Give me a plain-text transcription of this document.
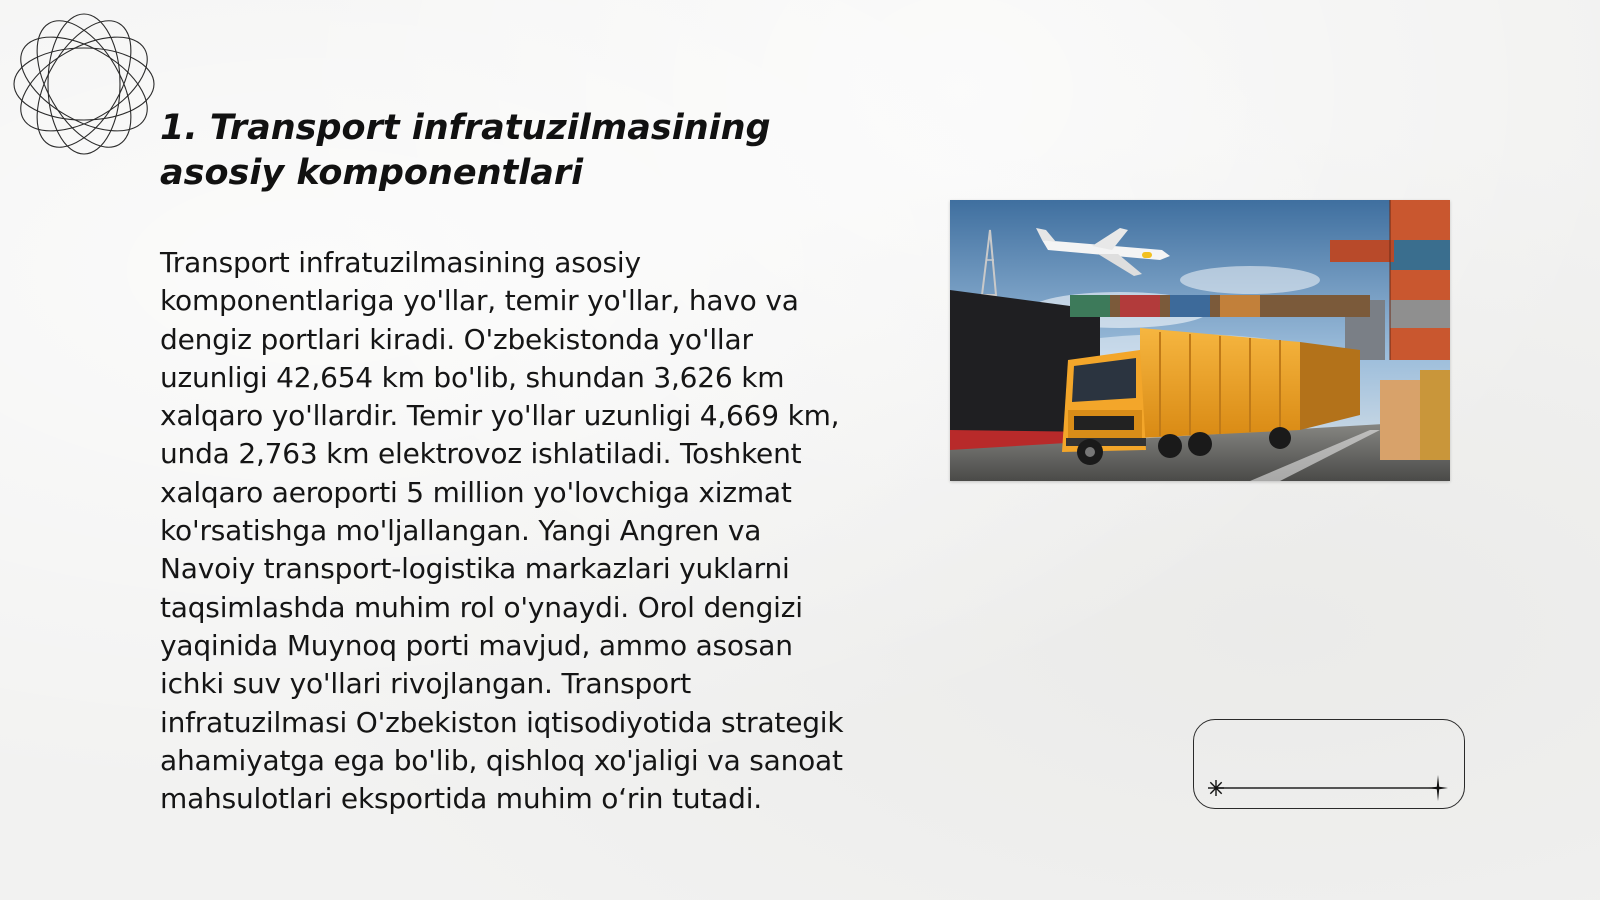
1. Transport infratuzilmasining asosiy komponentlari

Transport infratuzilmasining asosiy komponentlariga yo'llar, temir yo'llar, havo va dengiz portlari kiradi. O'zbekistonda yo'llar uzunligi 42,654 km bo'lib, shundan 3,626 km xalqaro yo'llardir. Temir yo'llar uzunligi 4,669 km, unda 2,763 km elektrovoz ishlatiladi. Toshkent xalqaro aeroporti 5 million yo'lovchiga xizmat ko'rsatishga mo'ljallangan. Yangi Angren va Navoiy transport-logistika markazlari yuklarni taqsimlashda muhim rol o'ynaydi. Orol dengizi yaqinida Muynoq porti mavjud, ammo asosan ichki suv yo'llari rivojlangan. Transport infratuzilmasi O'zbekiston iqtisodiyotida strategik ahamiyatga ega bo'lib, qishloq xo'jaligi va sanoat mahsulotlari eksportida muhim o‘rin tutadi.
